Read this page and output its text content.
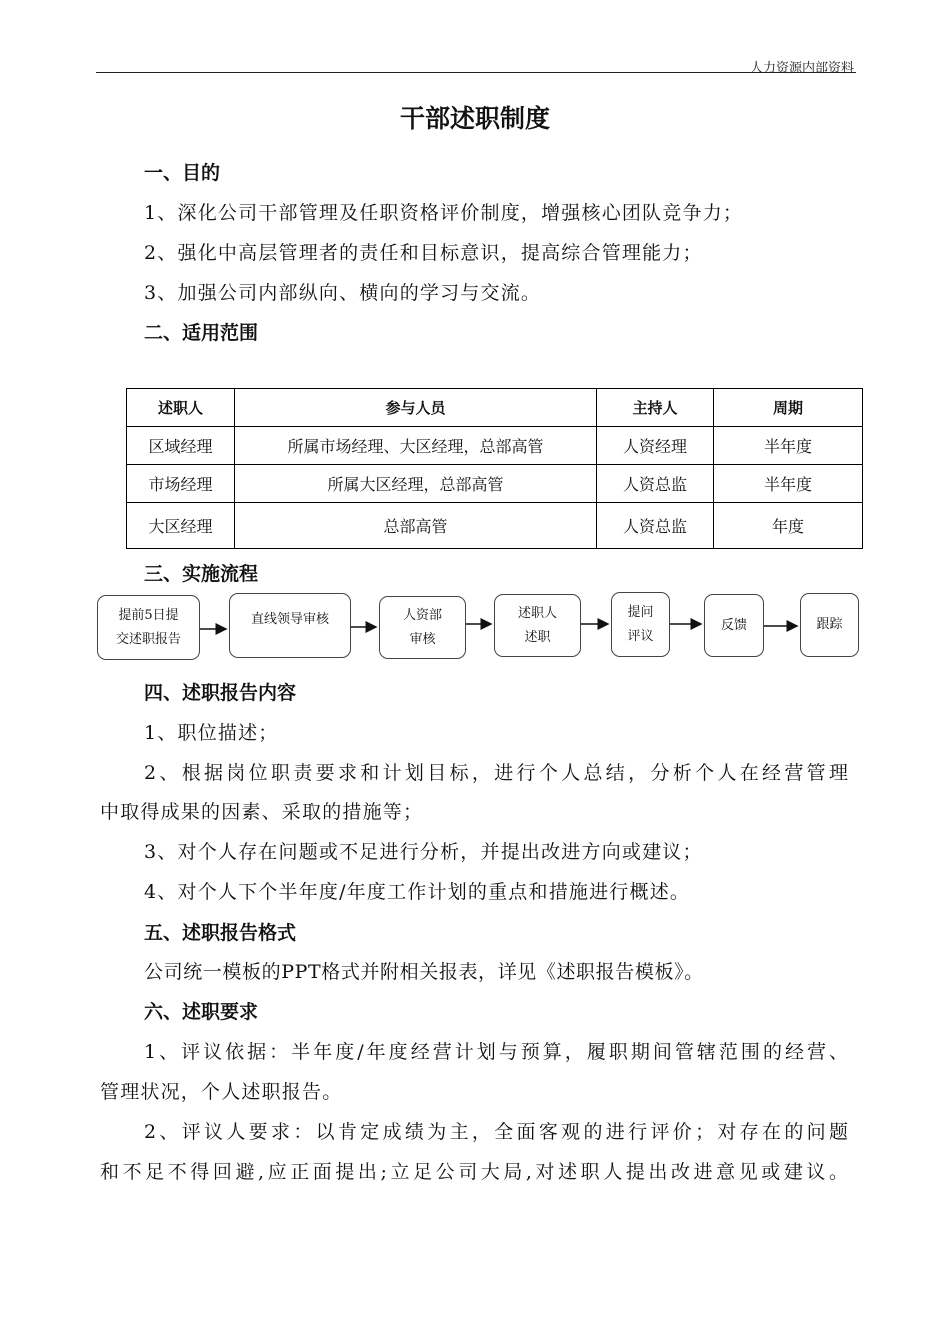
人力资源内部资料
干部述职制度
一、目的
1、深化公司干部管理及任职资格评价制度，增强核心团队竞争力；
2、强化中高层管理者的责任和目标意识，提高综合管理能力；
3、加强公司内部纵向、横向的学习与交流。
二、适用范围
述职人	参与人员	主持人	周期
区域经理	所属市场经理、大区经理，总部高管	人资经理	半年度
市场经理	所属大区经理，总部高管	人资总监	半年度
大区经理	总部高管	人资总监	年度
三、实施流程
提前5日提
交述职报告
直线领导审核	人资部
审核
述职人
述职
提问
评议
反馈	跟踪
四、述职报告内容
1、职位描述；
2、根据岗位职责要求和计划目标，进行个人总结，分析个人在经营管理
中取得成果的因素、采取的措施等；
3、对个人存在问题或不足进行分析，并提出改进方向或建议；
4、对个人下个半年度/年度工作计划的重点和措施进行概述。
五、述职报告格式
公司统一模板的PPT格式并附相关报表，详见《述职报告模板》。
六、述职要求
1、评议依据：半年度/年度经营计划与预算，履职期间管辖范围的经营、
管理状况，个人述职报告。
2、评议人要求：以肯定成绩为主，全面客观的进行评价；对存在的问题
和不足不得回避,应正面提出;立足公司大局,对述职人提出改进意见或建议。
